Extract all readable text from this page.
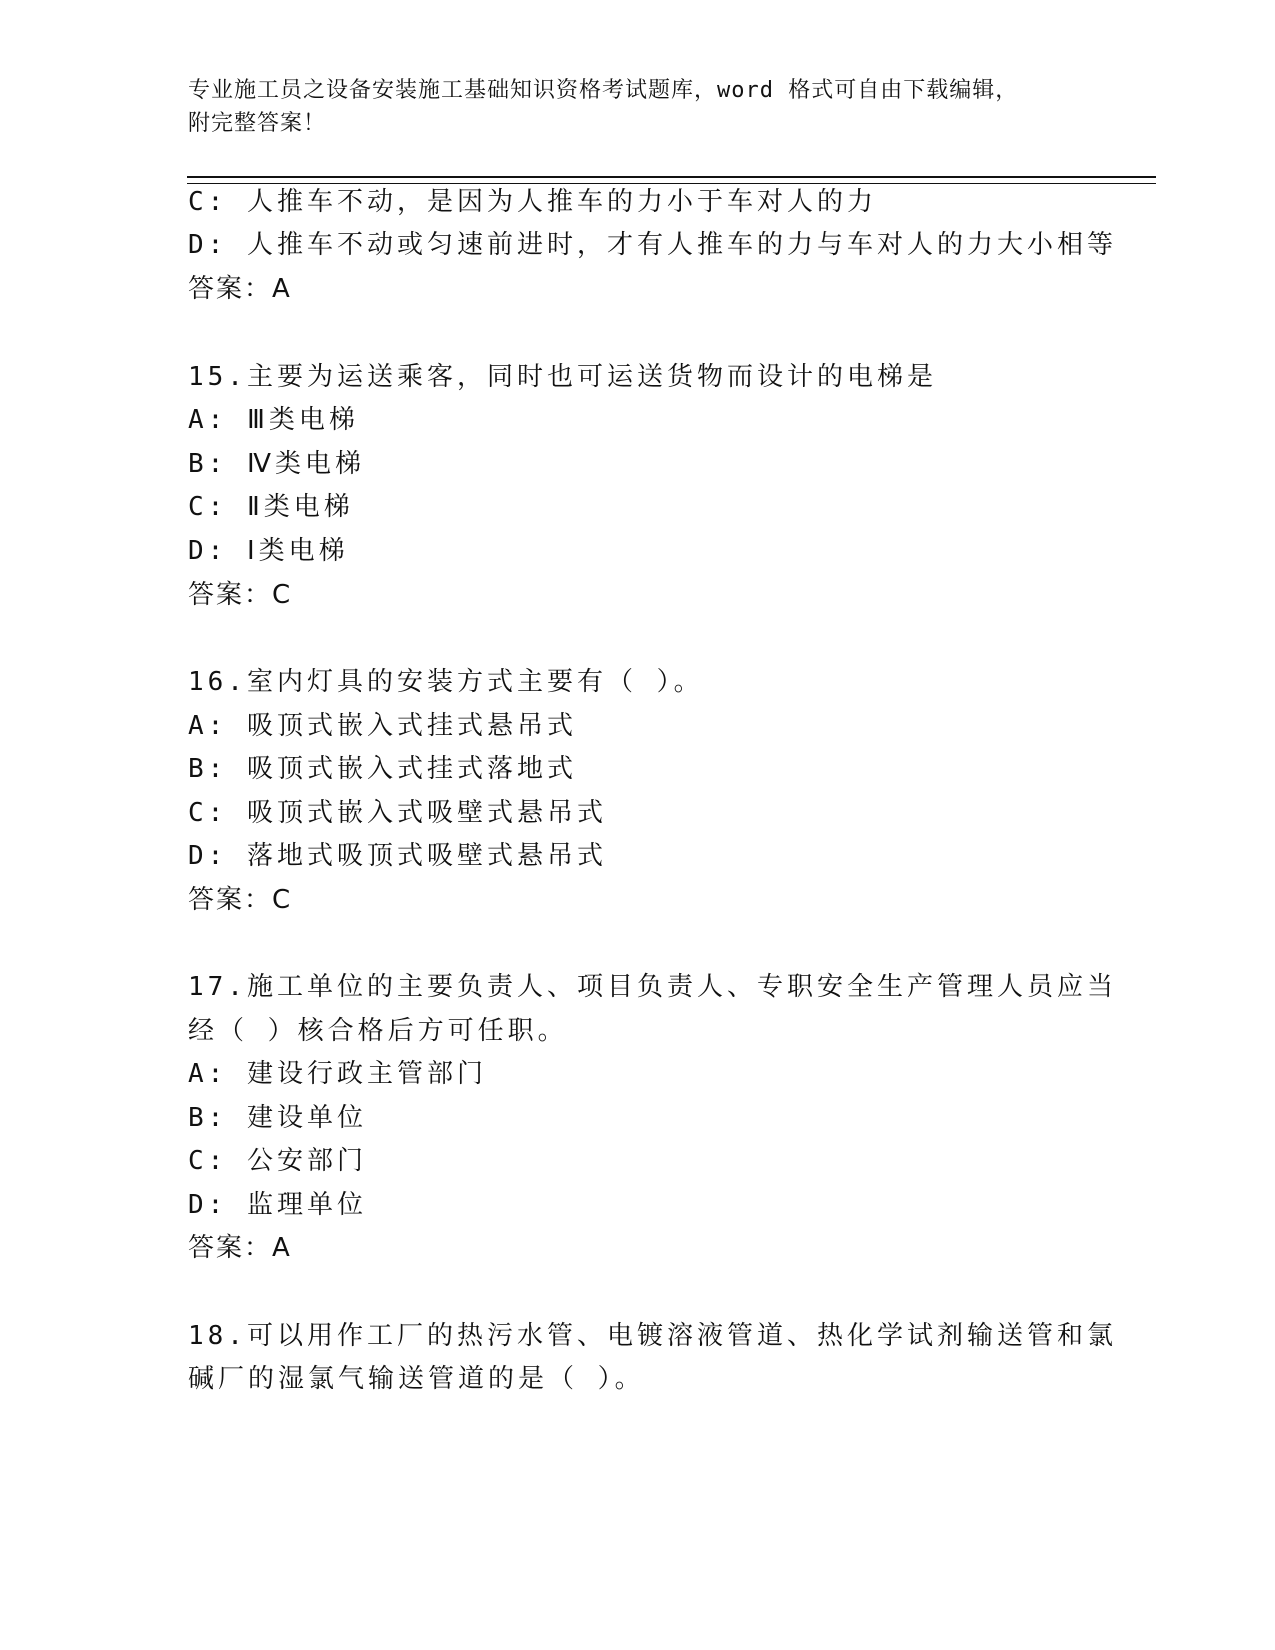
专业施工员之设备安装施工基础知识资格考试题库，word 格式可自由下载编辑，
附完整答案！
C: 人推车不动，是因为人推车的力小于车对人的力
D: 人推车不动或匀速前进时，才有人推车的力与车对人的力大小相等
答案：A
15.主要为运送乘客，同时也可运送货物而设计的电梯是
A: Ⅲ类电梯
B: Ⅳ类电梯
C: Ⅱ类电梯
D: Ⅰ类电梯
答案：C
16.室内灯具的安装方式主要有（ ）。
A: 吸顶式嵌入式挂式悬吊式
B: 吸顶式嵌入式挂式落地式
C: 吸顶式嵌入式吸壁式悬吊式
D: 落地式吸顶式吸壁式悬吊式
答案：C
17.施工单位的主要负责人、项目负责人、专职安全生产管理人员应当
经（ ）核合格后方可任职。
A: 建设行政主管部门
B: 建设单位
C: 公安部门
D: 监理单位
答案：A
18.可以用作工厂的热污水管、电镀溶液管道、热化学试剂输送管和氯
碱厂的湿氯气输送管道的是（ ）。
